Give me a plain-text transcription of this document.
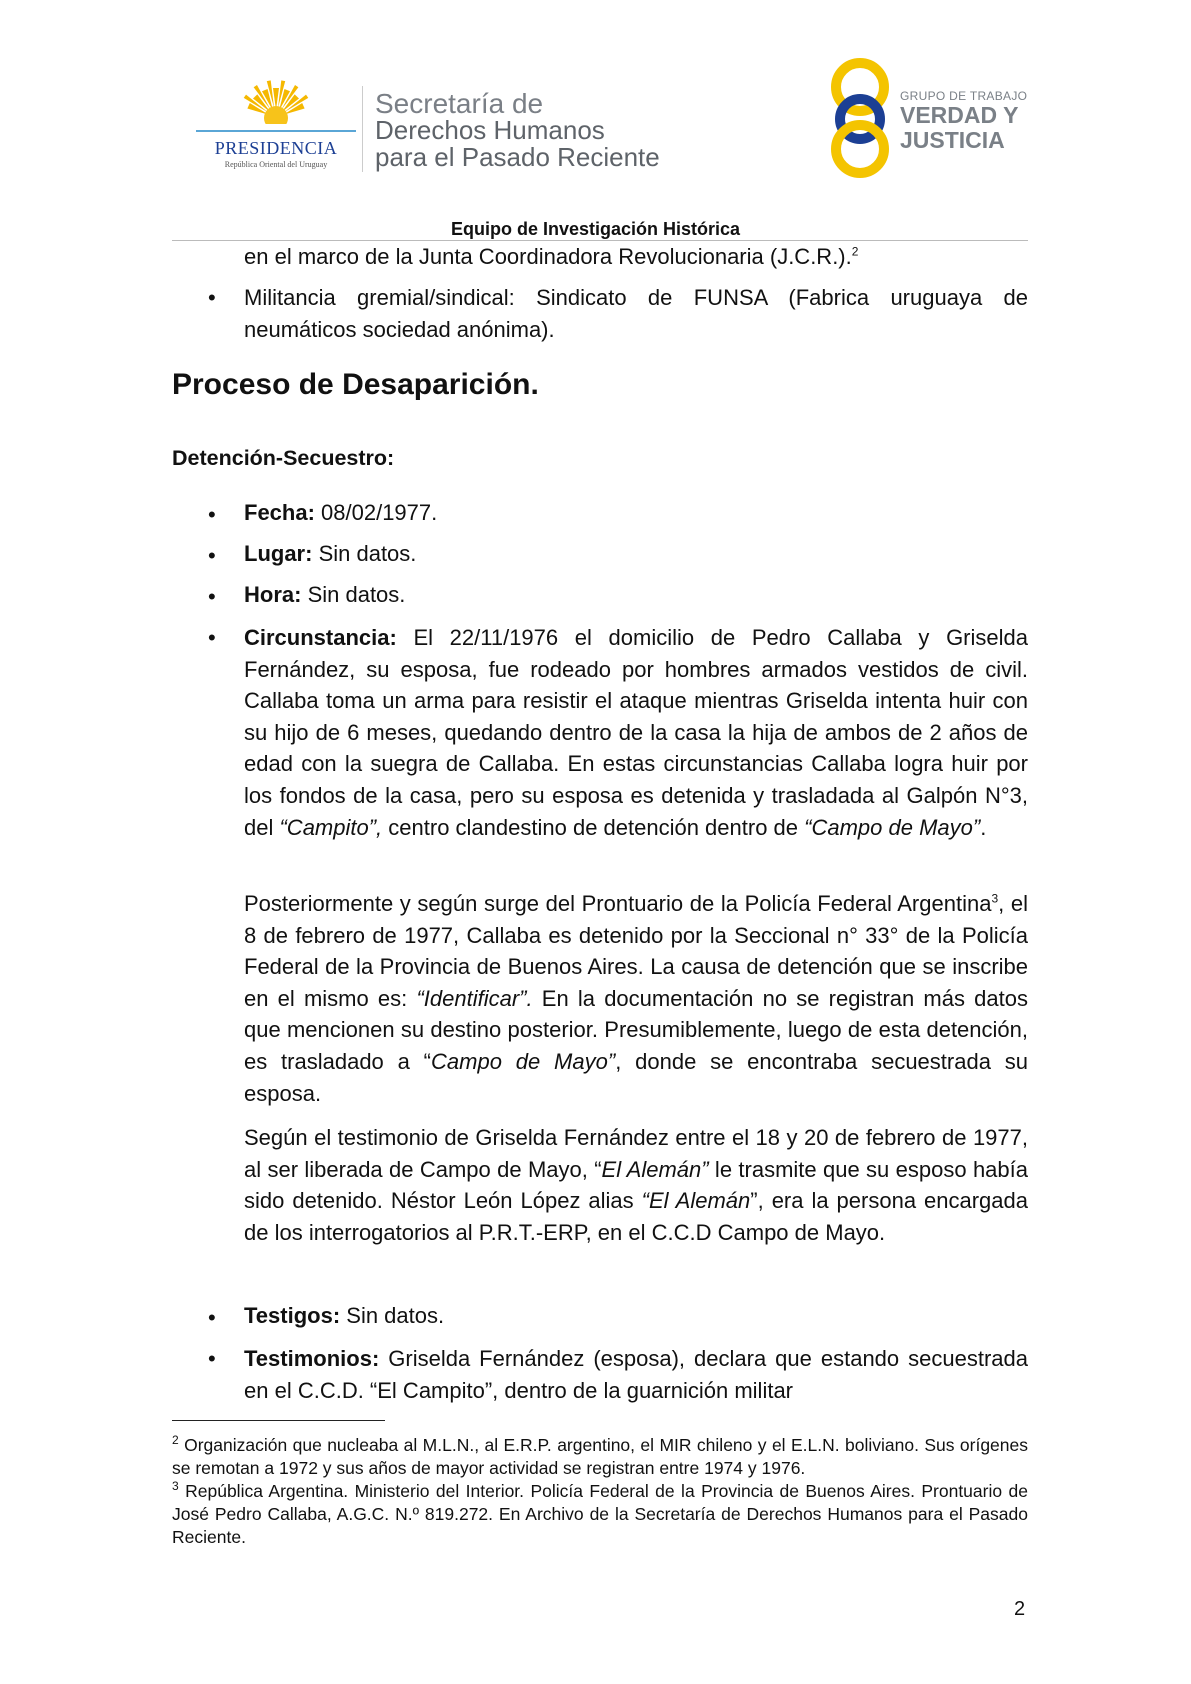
PRESIDENCIA
República Oriental del Uruguay
Secretaría de
Derechos Humanos
para el Pasado Reciente
GRUPO DE TRABAJO
VERDAD Y
JUSTICIA
Equipo de Investigación Histórica
en el marco de la Junta Coordinadora Revolucionaria (J.C.R.).$^2$
• Militancia gremial/sindical: Sindicato de FUNSA (Fabrica uruguaya de neumáticos sociedad anónima).
Proceso de Desaparición.
Detención-Secuestro:
• Fecha: 08/02/1977.
• Lugar: Sin datos.
• Hora: Sin datos.
• Circunstancia: El 22/11/1976 el domicilio de Pedro Callaba y Griselda Fernández, su esposa, fue rodeado por hombres armados vestidos de civil. Callaba toma un arma para resistir el ataque mientras Griselda intenta huir con su hijo de 6 meses, quedando dentro de la casa la hija de ambos de 2 años de edad con la suegra de Callaba. En estas circunstancias Callaba logra huir por los fondos de la casa, pero su esposa es detenida y trasladada al Galpón N°3, del “Campito”, centro clandestino de detención dentro de “Campo de Mayo”.
Posteriormente y según surge del Prontuario de la Policía Federal Argentina$^3$, el 8 de febrero de 1977, Callaba es detenido por la Seccional n° 33° de la Policía Federal de la Provincia de Buenos Aires. La causa de detención que se inscribe en el mismo es: “Identificar”. En la documentación no se registran más datos que mencionen su destino posterior. Presumiblemente, luego de esta detención, es trasladado a “Campo de Mayo”, donde se encontraba secuestrada su esposa.
Según el testimonio de Griselda Fernández entre el 18 y 20 de febrero de 1977, al ser liberada de Campo de Mayo, “El Alemán” le trasmite que su esposo había sido detenido. Néstor León López alias “El Alemán”, era la persona encargada de los interrogatorios al P.R.T.-ERP, en el C.C.D Campo de Mayo.
• Testigos: Sin datos.
• Testimonios: Griselda Fernández (esposa), declara que estando secuestrada en el C.C.D. “El Campito”, dentro de la guarnición militar
$^2$ Organización que nucleaba al M.L.N., al E.R.P. argentino, el MIR chileno y el E.L.N. boliviano. Sus orígenes se remotan a 1972 y sus años de mayor actividad se registran entre 1974 y 1976.
$^3$ República Argentina. Ministerio del Interior. Policía Federal de la Provincia de Buenos Aires. Prontuario de José Pedro Callaba, A.G.C. N.º 819.272. En Archivo de la Secretaría de Derechos Humanos para el Pasado Reciente.
2
